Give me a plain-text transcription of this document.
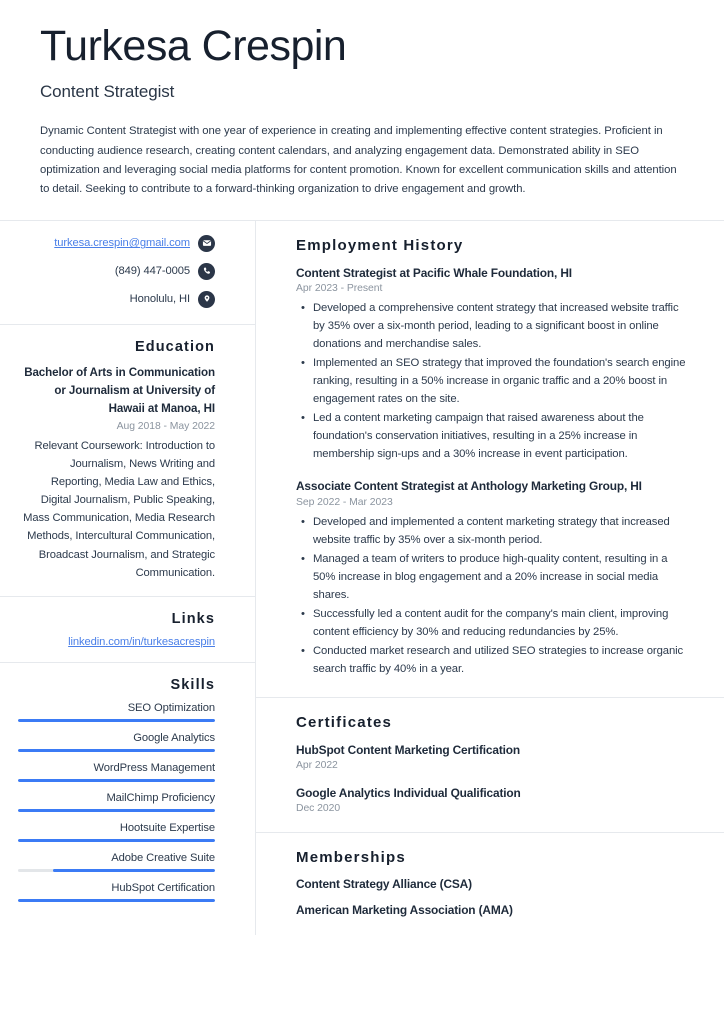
Turkesa Crespin
Content Strategist

Dynamic Content Strategist with one year of experience in creating and implementing effective content strategies. Proficient in conducting audience research, creating content calendars, and analyzing engagement data. Demonstrated ability in SEO optimization and leveraging social media platforms for content promotion. Known for excellent communication skills and attention to detail. Seeking to contribute to a forward-thinking organization to drive engagement and growth.

turkesa.crespin@gmail.com
(849) 447-0005
Honolulu, HI
Education
Bachelor of Arts in Communication or Journalism at University of Hawaii at Manoa, HI
Aug 2018 - May 2022
Relevant Coursework: Introduction to Journalism, News Writing and Reporting, Media Law and Ethics, Digital Journalism, Public Speaking, Mass Communication, Media Research Methods, Intercultural Communication, Broadcast Journalism, and Strategic Communication.
Links
linkedin.com/in/turkesacrespin
Skills
SEO Optimization
Google Analytics
WordPress Management
MailChimp Proficiency
Hootsuite Expertise
Adobe Creative Suite
HubSpot Certification
Employment History
Content Strategist at Pacific Whale Foundation, HI
Apr 2023 - Present
• Developed a comprehensive content strategy that increased website traffic by 35% over a six-month period, leading to a significant boost in online donations and merchandise sales.
• Implemented an SEO strategy that improved the foundation's search engine ranking, resulting in a 50% increase in organic traffic and a 20% boost in engagement rates on the site.
• Led a content marketing campaign that raised awareness about the foundation's conservation initiatives, resulting in a 25% increase in membership sign-ups and a 30% increase in event participation.
Associate Content Strategist at Anthology Marketing Group, HI
Sep 2022 - Mar 2023
• Developed and implemented a content marketing strategy that increased website traffic by 35% over a six-month period.
• Managed a team of writers to produce high-quality content, resulting in a 50% increase in blog engagement and a 20% increase in social media shares.
• Successfully led a content audit for the company's main client, improving content efficiency by 30% and reducing redundancies by 25%.
• Conducted market research and utilized SEO strategies to increase organic search traffic by 40% in a year.
Certificates
HubSpot Content Marketing Certification
Apr 2022
Google Analytics Individual Qualification
Dec 2020
Memberships
Content Strategy Alliance (CSA)
American Marketing Association (AMA)
